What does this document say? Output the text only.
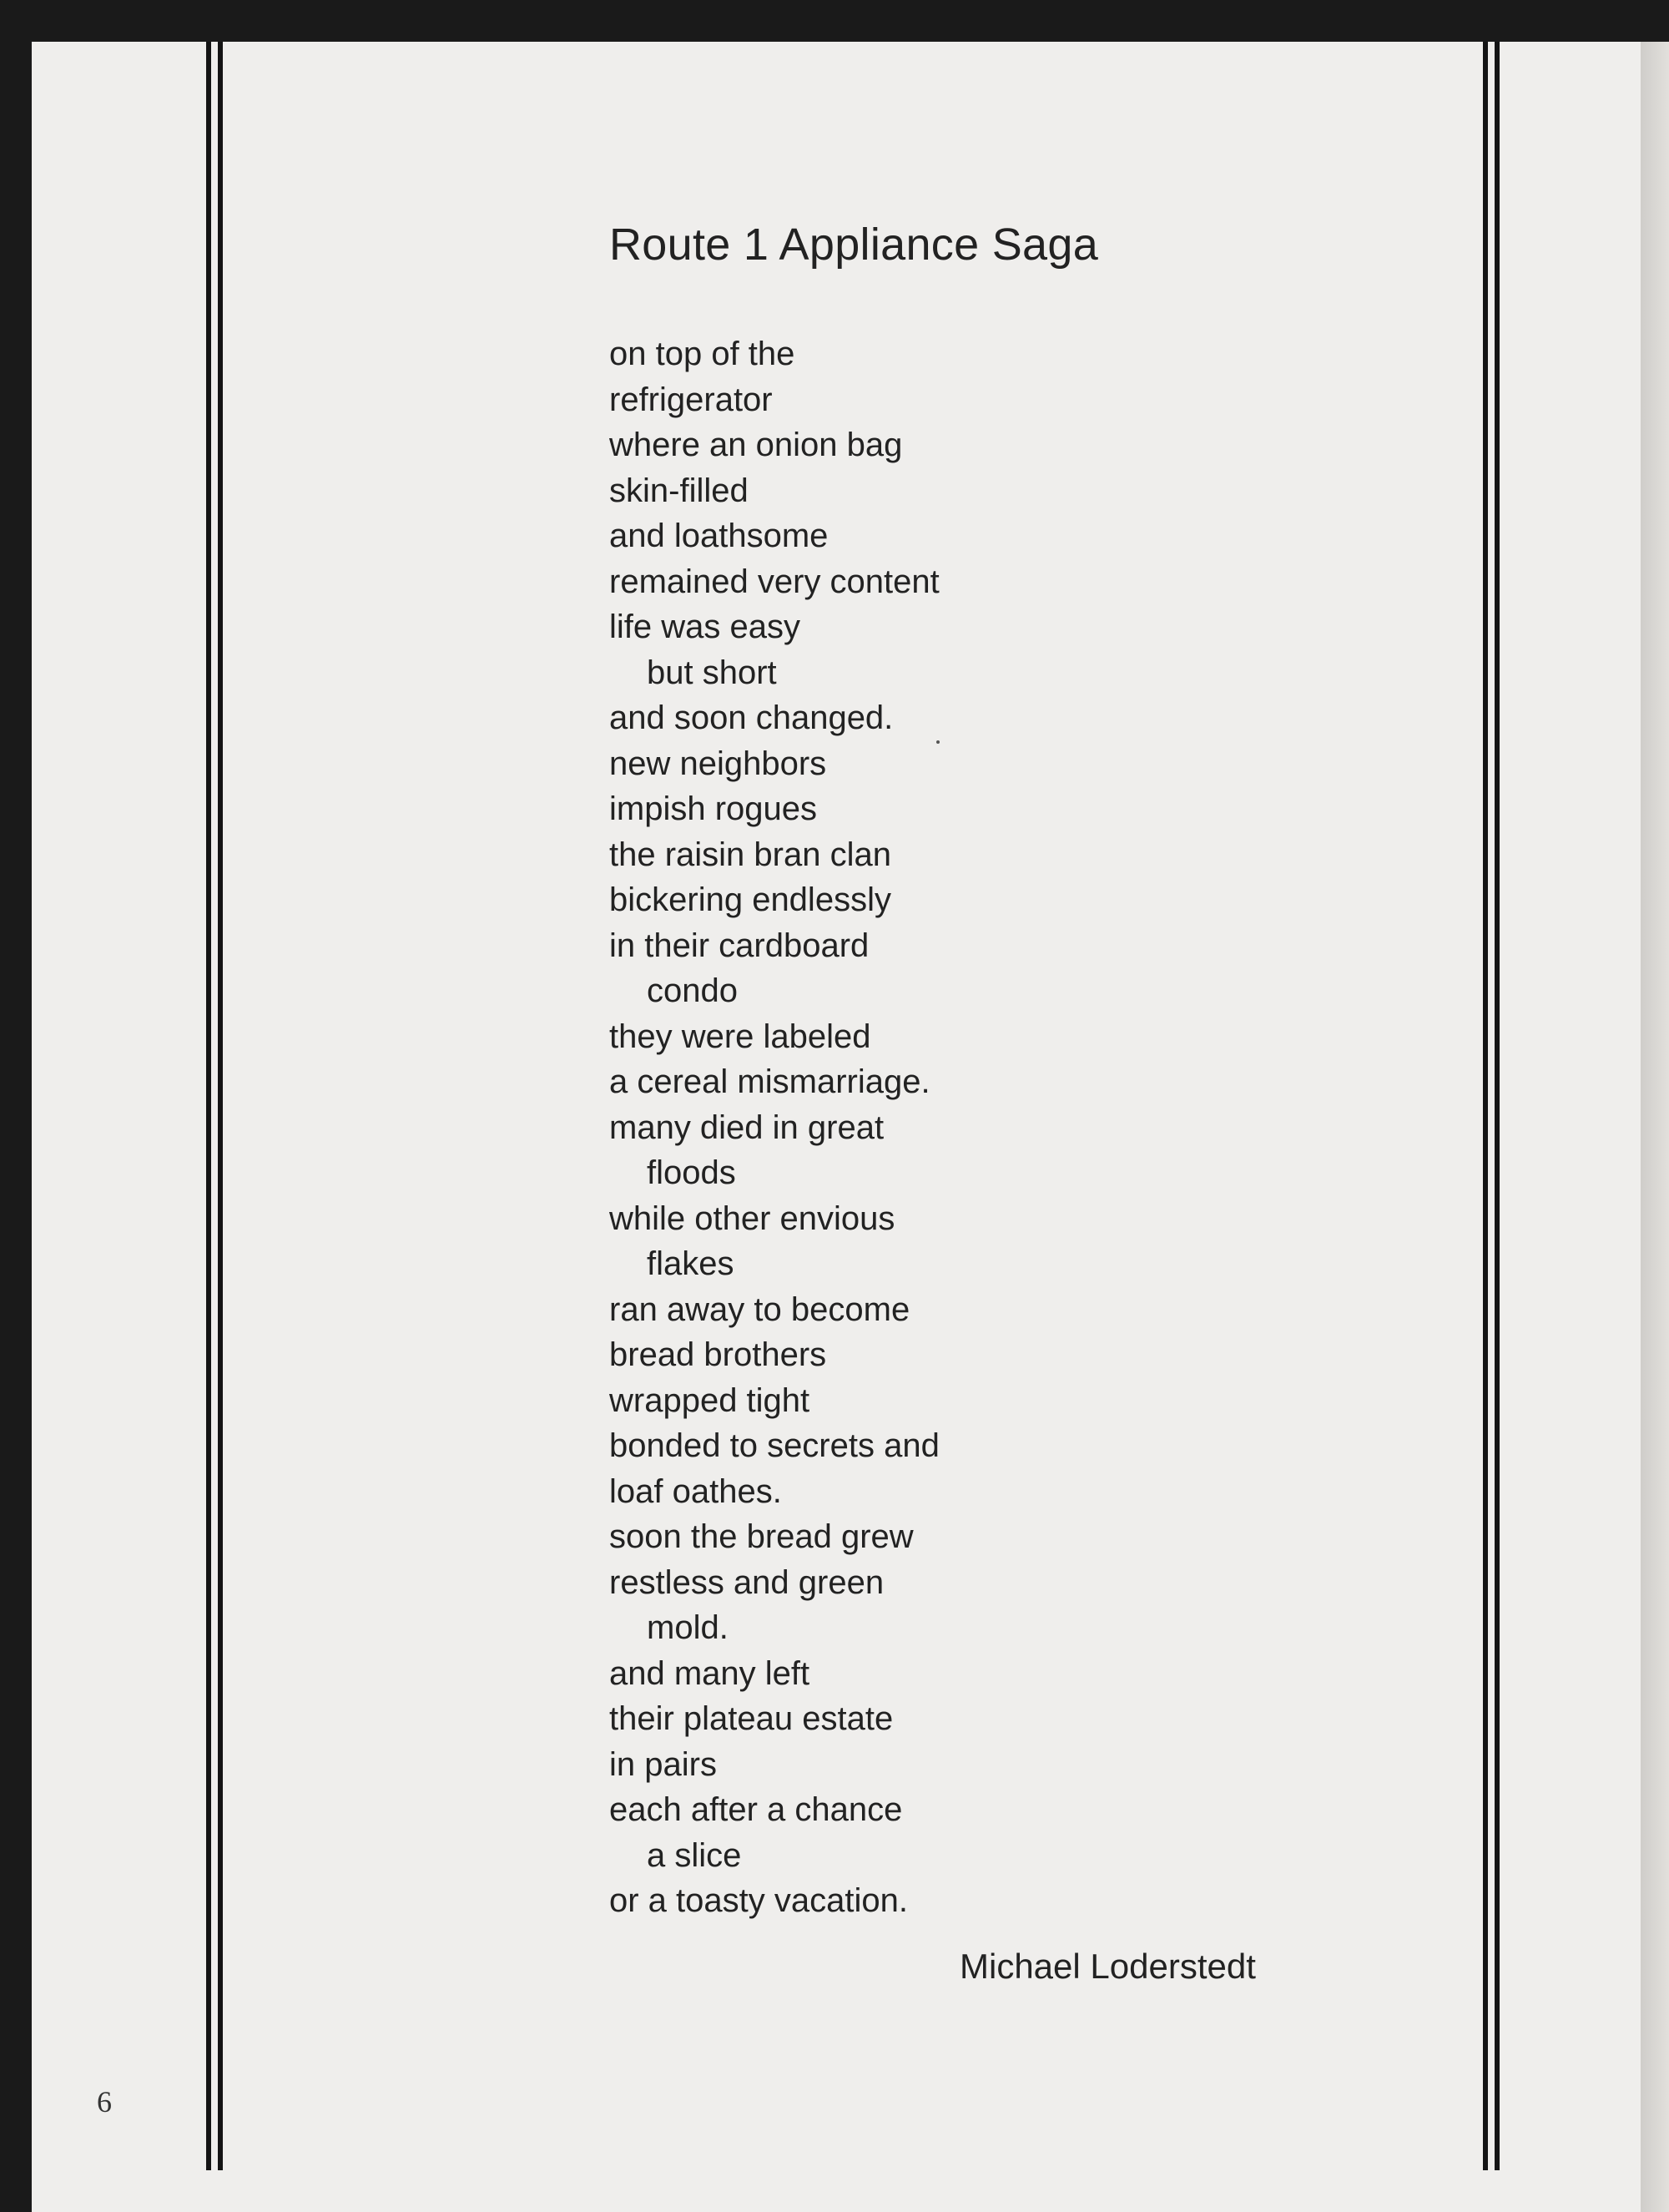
Route 1 Appliance Saga
on top of the
refrigerator
where an onion bag
skin-filled
and loathsome
remained very content
life was easy
but short
and soon changed.
new neighbors
impish rogues
the raisin bran clan
bickering endlessly
in their cardboard
condo
they were labeled
a cereal mismarriage.
many died in great
floods
while other envious
flakes
ran away to become
bread brothers
wrapped tight
bonded to secrets and
loaf oathes.
soon the bread grew
restless and green
mold.
and many left
their plateau estate
in pairs
each after a chance
a slice
or a toasty vacation.
Michael Loderstedt
6
